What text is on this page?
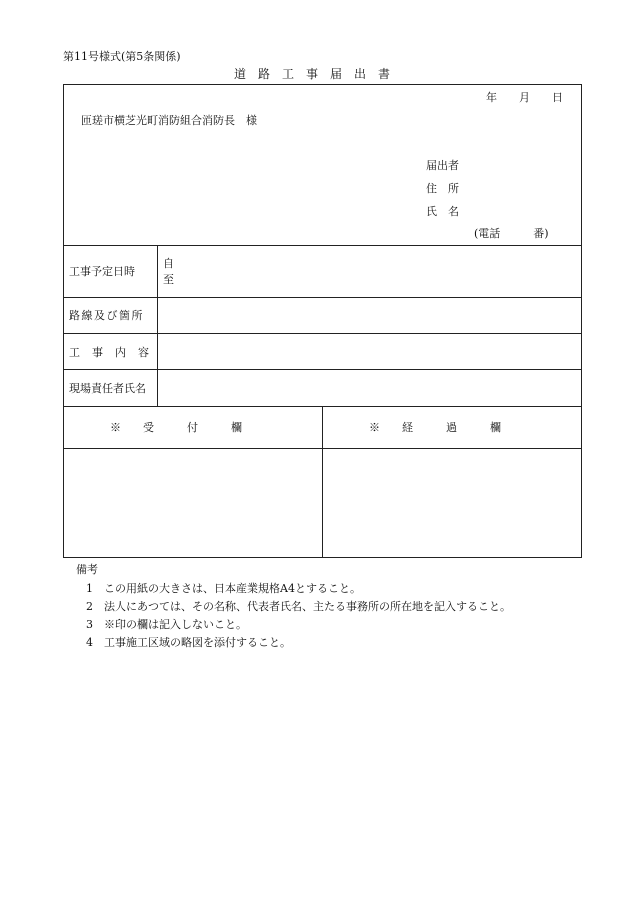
第11号様式(第5条関係)
道　路　工　事　届　出　書
年　　月　　日
匝瑳市横芝光町消防組合消防長　様
届出者
住　所
氏　名
(電話　　　番)
工事予定日時
自
至
路線及び箇所
工事内容
現場責任者氏名
※　　受　　　付　　　欄	※　　経　　　過　　　欄
備考
1　この用紙の大きさは、日本産業規格A4とすること。
2　法人にあつては、その名称、代表者氏名、主たる事務所の所在地を記入すること。
3　※印の欄は記入しないこと。
4　工事施工区域の略図を添付すること。
